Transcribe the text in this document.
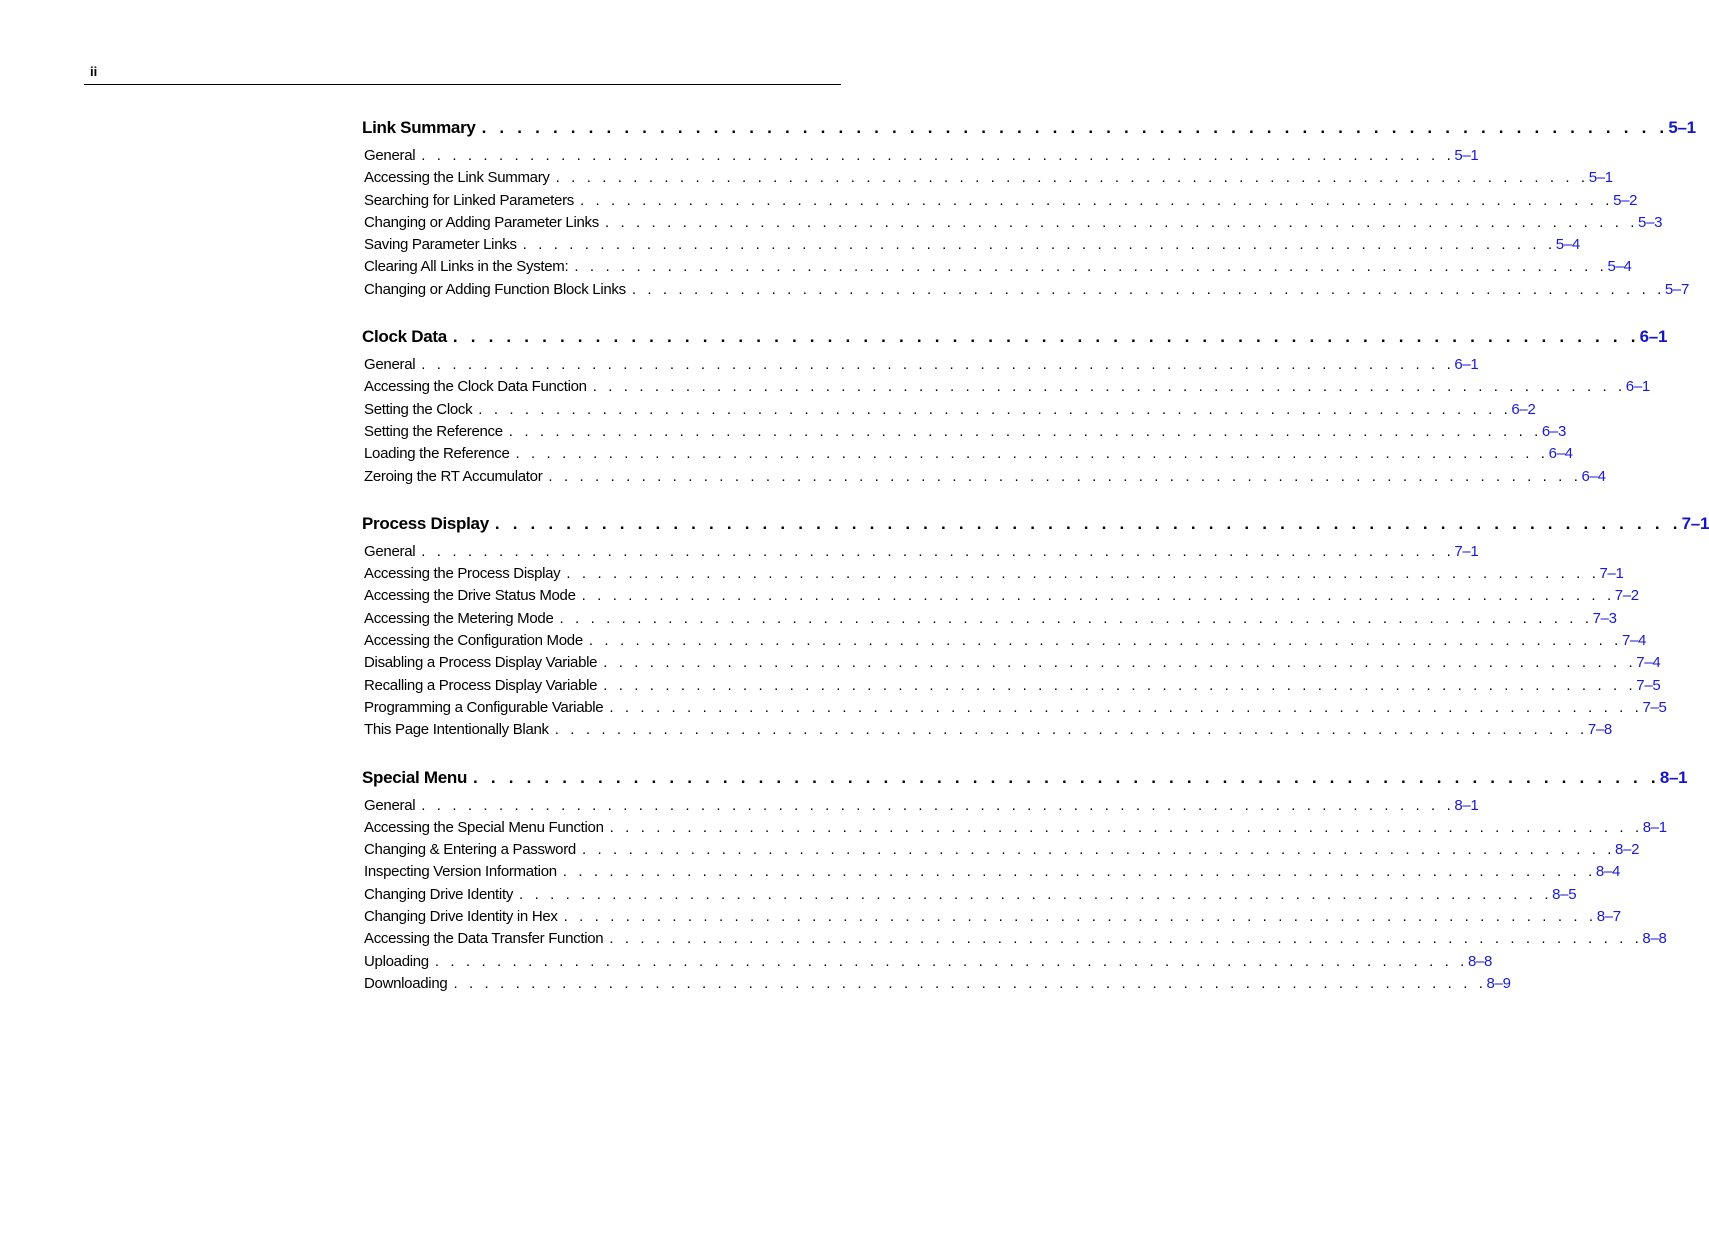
ii
Link Summary . . . . . . . . . . . . . . . . . . . . . . . . . . . . . . . . . . . . . . . . . . . . . . . . . . . . . . . . . . . . . . . . . . . 5–1
General . . . . . . . . . . . . . . . . . . . . . . . . . . . . . . . . . . . . . . . . . . . . . . . . . . . . . . . . . . . . . . . . . . . 5–1
Accessing the Link Summary . . . . . . . . . . . . . . . . . . . . . . . . . . . . . . . . . . . . . . . . . . . . . . . . . . . . . . . . . . . . . . . . . . . 5–1
Searching for Linked Parameters . . . . . . . . . . . . . . . . . . . . . . . . . . . . . . . . . . . . . . . . . . . . . . . . . . . . . . . . . . . . . . . . . . . 5–2
Changing or Adding Parameter Links . . . . . . . . . . . . . . . . . . . . . . . . . . . . . . . . . . . . . . . . . . . . . . . . . . . . . . . . . . . . . . . . . . . 5–3
Saving Parameter Links . . . . . . . . . . . . . . . . . . . . . . . . . . . . . . . . . . . . . . . . . . . . . . . . . . . . . . . . . . . . . . . . . . . 5–4
Clearing All Links in the System: . . . . . . . . . . . . . . . . . . . . . . . . . . . . . . . . . . . . . . . . . . . . . . . . . . . . . . . . . . . . . . . . . . . 5–4
Changing or Adding Function Block Links . . . . . . . . . . . . . . . . . . . . . . . . . . . . . . . . . . . . . . . . . . . . . . . . . . . . . . . . . . . . . . . . . . . 5–7
Clock Data . . . . . . . . . . . . . . . . . . . . . . . . . . . . . . . . . . . . . . . . . . . . . . . . . . . . . . . . . . . . . . . . . . . 6–1
General . . . . . . . . . . . . . . . . . . . . . . . . . . . . . . . . . . . . . . . . . . . . . . . . . . . . . . . . . . . . . . . . . . . 6–1
Accessing the Clock Data Function . . . . . . . . . . . . . . . . . . . . . . . . . . . . . . . . . . . . . . . . . . . . . . . . . . . . . . . . . . . . . . . . . . . 6–1
Setting the Clock . . . . . . . . . . . . . . . . . . . . . . . . . . . . . . . . . . . . . . . . . . . . . . . . . . . . . . . . . . . . . . . . . . . 6–2
Setting the Reference . . . . . . . . . . . . . . . . . . . . . . . . . . . . . . . . . . . . . . . . . . . . . . . . . . . . . . . . . . . . . . . . . . . 6–3
Loading the Reference . . . . . . . . . . . . . . . . . . . . . . . . . . . . . . . . . . . . . . . . . . . . . . . . . . . . . . . . . . . . . . . . . . . 6–4
Zeroing the RT Accumulator . . . . . . . . . . . . . . . . . . . . . . . . . . . . . . . . . . . . . . . . . . . . . . . . . . . . . . . . . . . . . . . . . . . 6–4
Process Display . . . . . . . . . . . . . . . . . . . . . . . . . . . . . . . . . . . . . . . . . . . . . . . . . . . . . . . . . . . . . . . . . . . 7–1
General . . . . . . . . . . . . . . . . . . . . . . . . . . . . . . . . . . . . . . . . . . . . . . . . . . . . . . . . . . . . . . . . . . . 7–1
Accessing the Process Display . . . . . . . . . . . . . . . . . . . . . . . . . . . . . . . . . . . . . . . . . . . . . . . . . . . . . . . . . . . . . . . . . . . 7–1
Accessing the Drive Status Mode . . . . . . . . . . . . . . . . . . . . . . . . . . . . . . . . . . . . . . . . . . . . . . . . . . . . . . . . . . . . . . . . . . . 7–2
Accessing the Metering Mode . . . . . . . . . . . . . . . . . . . . . . . . . . . . . . . . . . . . . . . . . . . . . . . . . . . . . . . . . . . . . . . . . . . 7–3
Accessing the Configuration Mode . . . . . . . . . . . . . . . . . . . . . . . . . . . . . . . . . . . . . . . . . . . . . . . . . . . . . . . . . . . . . . . . . . . 7–4
Disabling a Process Display Variable . . . . . . . . . . . . . . . . . . . . . . . . . . . . . . . . . . . . . . . . . . . . . . . . . . . . . . . . . . . . . . . . . . . 7–4
Recalling a Process Display Variable . . . . . . . . . . . . . . . . . . . . . . . . . . . . . . . . . . . . . . . . . . . . . . . . . . . . . . . . . . . . . . . . . . . 7–5
Programming a Configurable Variable . . . . . . . . . . . . . . . . . . . . . . . . . . . . . . . . . . . . . . . . . . . . . . . . . . . . . . . . . . . . . . . . . . . 7–5
This Page Intentionally Blank . . . . . . . . . . . . . . . . . . . . . . . . . . . . . . . . . . . . . . . . . . . . . . . . . . . . . . . . . . . . . . . . . . . 7–8
Special Menu . . . . . . . . . . . . . . . . . . . . . . . . . . . . . . . . . . . . . . . . . . . . . . . . . . . . . . . . . . . . . . . . . . . 8–1
General . . . . . . . . . . . . . . . . . . . . . . . . . . . . . . . . . . . . . . . . . . . . . . . . . . . . . . . . . . . . . . . . . . . 8–1
Accessing the Special Menu Function . . . . . . . . . . . . . . . . . . . . . . . . . . . . . . . . . . . . . . . . . . . . . . . . . . . . . . . . . . . . . . . . . . . 8–1
Changing & Entering a Password . . . . . . . . . . . . . . . . . . . . . . . . . . . . . . . . . . . . . . . . . . . . . . . . . . . . . . . . . . . . . . . . . . . 8–2
Inspecting Version Information . . . . . . . . . . . . . . . . . . . . . . . . . . . . . . . . . . . . . . . . . . . . . . . . . . . . . . . . . . . . . . . . . . . 8–4
Changing Drive Identity . . . . . . . . . . . . . . . . . . . . . . . . . . . . . . . . . . . . . . . . . . . . . . . . . . . . . . . . . . . . . . . . . . . 8–5
Changing Drive Identity in Hex . . . . . . . . . . . . . . . . . . . . . . . . . . . . . . . . . . . . . . . . . . . . . . . . . . . . . . . . . . . . . . . . . . . 8–7
Accessing the Data Transfer Function . . . . . . . . . . . . . . . . . . . . . . . . . . . . . . . . . . . . . . . . . . . . . . . . . . . . . . . . . . . . . . . . . . . 8–8
Uploading . . . . . . . . . . . . . . . . . . . . . . . . . . . . . . . . . . . . . . . . . . . . . . . . . . . . . . . . . . . . . . . . . . . 8–8
Downloading . . . . . . . . . . . . . . . . . . . . . . . . . . . . . . . . . . . . . . . . . . . . . . . . . . . . . . . . . . . . . . . . . . . 8–9
